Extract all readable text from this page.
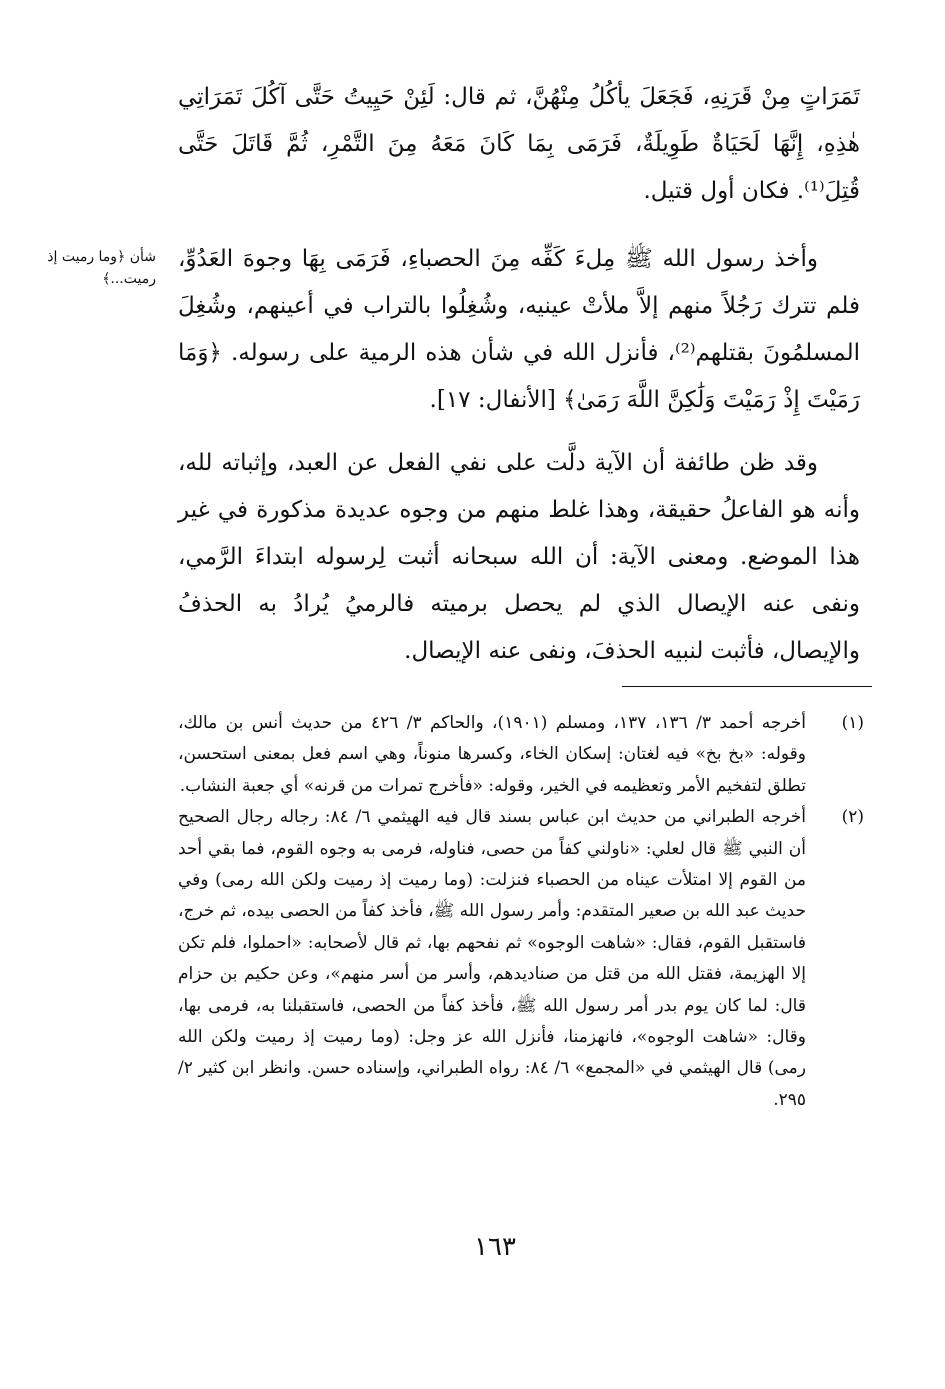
تَمَرَاتٍ مِنْ قَرَنِهِ، فَجَعَلَ يأكُلُ مِنْهُنَّ، ثم قال: لَئِنْ حَيِيتُ حَتَّى آكُلَ تَمَرَاتِي هٰذِهِ، إِنَّهَا لَحَيَاةٌ طَوِيلَةٌ، فَرَمَى بِمَا كَانَ مَعَهُ مِنَ التَّمْرِ، ثُمَّ قَاتَلَ حَتَّى قُتِلَ⁽¹⁾. فكان أول قتيل.

شأن ﴿وما رميت إذ رميت...﴾

وأخذ رسول الله ﷺ مِلءَ كَفِّه مِنَ الحصباءِ، فَرَمَى بِهَا وجوهَ العَدُوِّ، فلم تترك رَجُلاً منهم إلاَّ ملأتْ عينيه، وشُغِلُوا بالتراب في أعينهم، وشُغِلَ المسلمُونَ بقتلهم⁽²⁾، فأنزل الله في شأن هذه الرمية على رسوله. ﴿وَمَا رَمَيْتَ إِذْ رَمَيْتَ وَلَٰكِنَّ اللَّهَ رَمَىٰ﴾ [الأنفال: ١٧].

وقد ظن طائفة أن الآية دلَّت على نفي الفعل عن العبد، وإثباته لله، وأنه هو الفاعلُ حقيقة، وهذا غلط منهم من وجوه عديدة مذكورة في غير هذا الموضع. ومعنى الآية: أن الله سبحانه أثبت لِرسوله ابتداءَ الرَّمي، ونفى عنه الإيصال الذي لم يحصل برميته فالرميُ يُرادُ به الحذفُ والإيصال، فأثبت لنبيه الحذفَ، ونفى عنه الإيصال.

(١)
أخرجه أحمد ٣/ ١٣٦، ١٣٧، ومسلم (١٩٠١)، والحاكم ٣/ ٤٢٦ من حديث أنس بن مالك، وقوله: «بخ بخ» فيه لغتان: إسكان الخاء، وكسرها منوناً، وهي اسم فعل بمعنى استحسن، تطلق لتفخيم الأمر وتعظيمه في الخير، وقوله: «فأخرج تمرات من قرنه» أي جعبة النشاب.
(٢)
أخرجه الطبراني من حديث ابن عباس بسند قال فيه الهيثمي ٦/ ٨٤: رجاله رجال الصحيح أن النبي ﷺ قال لعلي: «ناولني كفاً من حصى، فناوله، فرمى به وجوه القوم، فما بقي أحد من القوم إلا امتلأت عيناه من الحصباء فنزلت: (وما رميت إذ رميت ولكن الله رمى) وفي حديث عبد الله بن صعير المتقدم: وأمر رسول الله ﷺ، فأخذ كفاً من الحصى بيده، ثم خرج، فاستقبل القوم، فقال: «شاهت الوجوه» ثم نفحهم بها، ثم قال لأصحابه: «احملوا، فلم تكن إلا الهزيمة، فقتل الله من قتل من صناديدهم، وأسر من أسر منهم»، وعن حكيم بن حزام قال: لما كان يوم بدر أمر رسول الله ﷺ، فأخذ كفاً من الحصى، فاستقبلنا به، فرمى بها، وقال: «شاهت الوجوه»، فانهزمنا، فأنزل الله عز وجل: (وما رميت إذ رميت ولكن الله رمى) قال الهيثمي في «المجمع» ٦/ ٨٤: رواه الطبراني، وإسناده حسن. وانظر ابن كثير ٢/ ٢٩٥.
١٦٣
